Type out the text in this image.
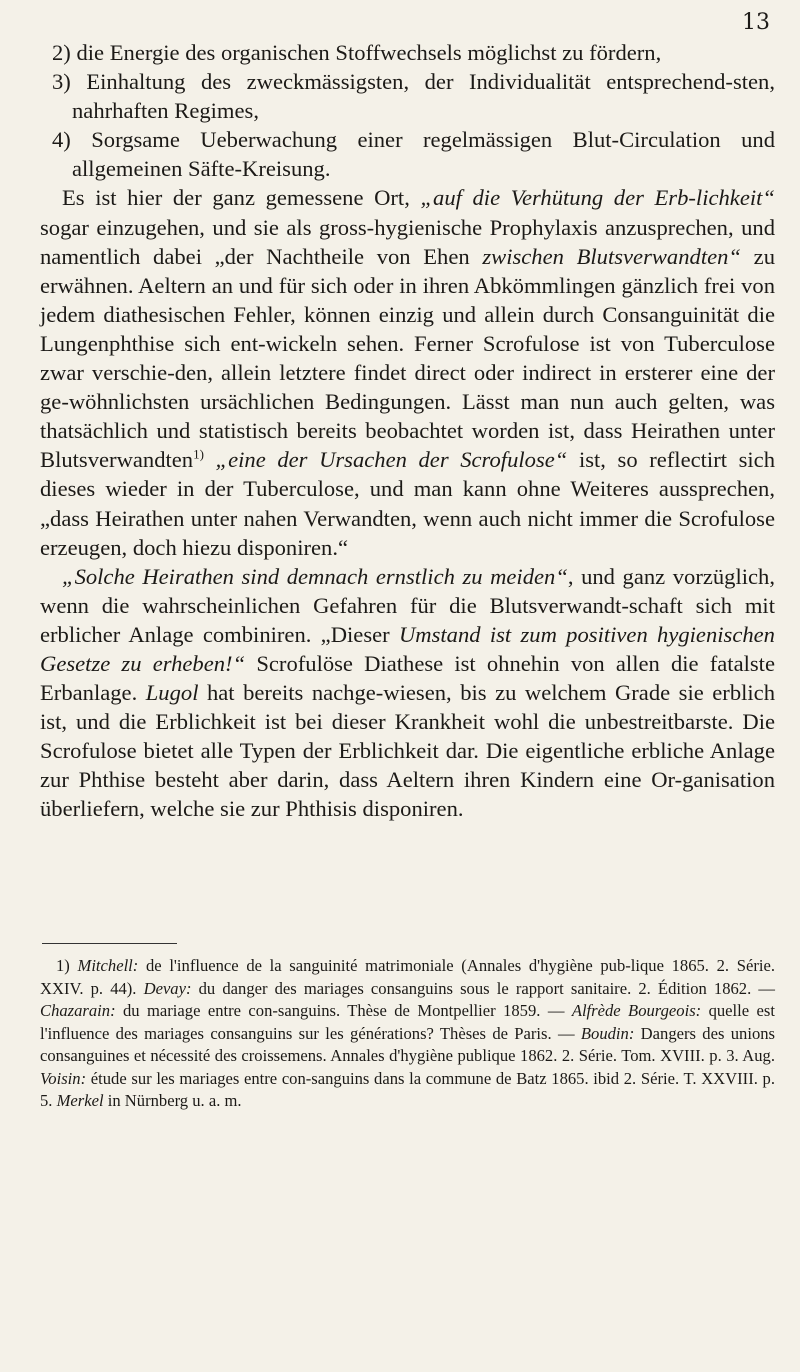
13

2) die Energie des organischen Stoffwechsels möglichst zu fördern,

3) Einhaltung des zweckmässigsten, der Individualität entsprechend-sten, nahrhaften Regimes,

4) Sorgsame Ueberwachung einer regelmässigen Blut-Circulation und allgemeinen Säfte-Kreisung.

Es ist hier der ganz gemessene Ort, „auf die Verhütung der Erb-lichkeit“ sogar einzugehen, und sie als gross-hygienische Prophylaxis anzusprechen, und namentlich dabei „der Nachtheile von Ehen zwischen Blutsverwandten“ zu erwähnen. Aeltern an und für sich oder in ihren Abkömmlingen gänzlich frei von jedem diathesischen Fehler, können einzig und allein durch Consanguinität die Lungenphthise sich ent-wickeln sehen. Ferner Scrofulose ist von Tuberculose zwar verschie-den, allein letztere findet direct oder indirect in ersterer eine der ge-wöhnlichsten ursächlichen Bedingungen. Lässt man nun auch gelten, was thatsächlich und statistisch bereits beobachtet worden ist, dass Heirathen unter Blutsverwandten$^{1)}$ „eine der Ursachen der Scrofulose“ ist, so reflectirt sich dieses wieder in der Tuberculose, und man kann ohne Weiteres aussprechen, „dass Heirathen unter nahen Verwandten, wenn auch nicht immer die Scrofulose erzeugen, doch hiezu disponiren.“

„Solche Heirathen sind demnach ernstlich zu meiden“, und ganz vorzüglich, wenn die wahrscheinlichen Gefahren für die Blutsverwandt-schaft sich mit erblicher Anlage combiniren. „Dieser Umstand ist zum positiven hygienischen Gesetze zu erheben!“ Scrofulöse Diathese ist ohnehin von allen die fatalste Erbanlage. Lugol hat bereits nachge-wiesen, bis zu welchem Grade sie erblich ist, und die Erblichkeit ist bei dieser Krankheit wohl die unbestreitbarste. Die Scrofulose bietet alle Typen der Erblichkeit dar. Die eigentliche erbliche Anlage zur Phthise besteht aber darin, dass Aeltern ihren Kindern eine Or-ganisation überliefern, welche sie zur Phthisis disponiren.

1) Mitchell: de l'influence de la sanguinité matrimoniale (Annales d'hygiène pub-lique 1865. 2. Série. XXIV. p. 44). Devay: du danger des mariages consanguins sous le rapport sanitaire. 2. Édition 1862. — Chazarain: du mariage entre con-sanguins. Thèse de Montpellier 1859. — Alfrède Bourgeois: quelle est l'influence des mariages consanguins sur les générations? Thèses de Paris. — Boudin: Dangers des unions consanguines et nécessité des croissemens. Annales d'hygiène publique 1862. 2. Série. Tom. XVIII. p. 3. Aug. Voisin: étude sur les mariages entre con-sanguins dans la commune de Batz 1865. ibid 2. Série. T. XXVIII. p. 5. Merkel in Nürnberg u. a. m.
